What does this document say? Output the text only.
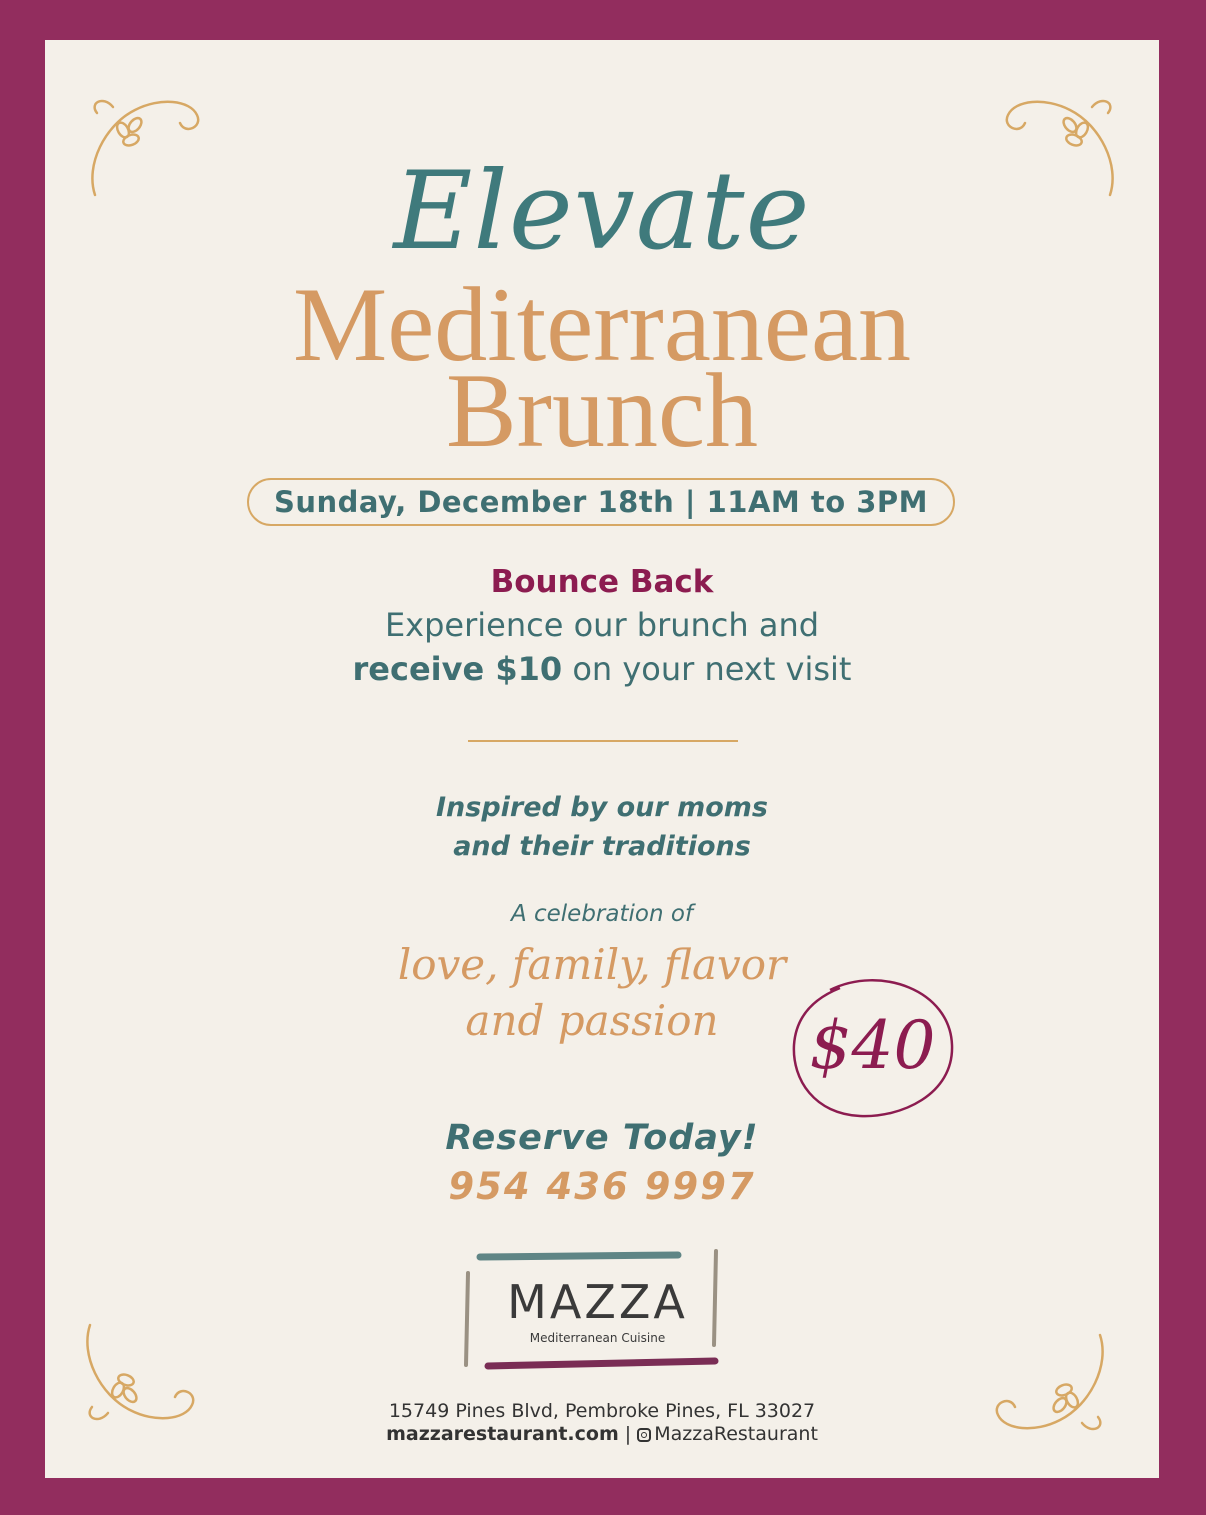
Elevate
Mediterranean
Brunch
Sunday, December 18th | 11AM to 3PM
Bounce Back
Experience our brunch and
receive $10 on your next visit
Inspired by our moms
and their traditions
A celebration of
love, family, flavor
and passion	$40
Reserve Today!
954 436 9997
MAZZA
Mediterranean Cuisine
15749 Pines Blvd, Pembroke Pines, FL 33027
mazzarestaurant.com | MazzaRestaurant
